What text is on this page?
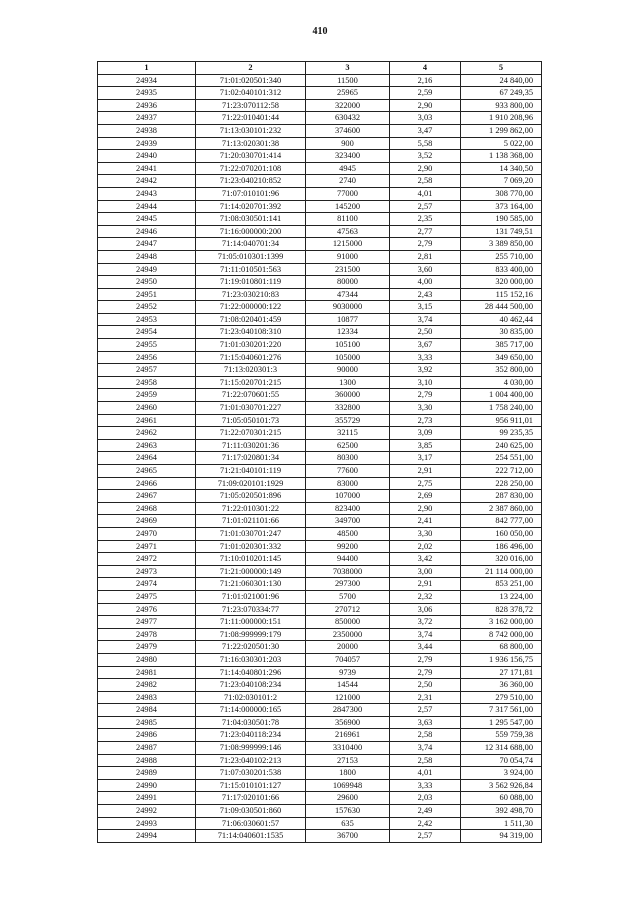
410
1	2	3	4	5
24934	71:01:020501:340	11500	2,16	24 840,00
24935	71:02:040101:312	25965	2,59	67 249,35
24936	71:23:070112:58	322000	2,90	933 800,00
24937	71:22:010401:44	630432	3,03	1 910 208,96
24938	71:13:030101:232	374600	3,47	1 299 862,00
24939	71:13:020301:38	900	5,58	5 022,00
24940	71:20:030701:414	323400	3,52	1 138 368,00
24941	71:22:070201:108	4945	2,90	14 340,50
24942	71:23:040210:852	2740	2,58	7 069,20
24943	71:07:010101:96	77000	4,01	308 770,00
24944	71:14:020701:392	145200	2,57	373 164,00
24945	71:08:030501:141	81100	2,35	190 585,00
24946	71:16:000000:200	47563	2,77	131 749,51
24947	71:14:040701:34	1215000	2,79	3 389 850,00
24948	71:05:010301:1399	91000	2,81	255 710,00
24949	71:11:010501:563	231500	3,60	833 400,00
24950	71:19:010801:119	80000	4,00	320 000,00
24951	71:23:030210:83	47344	2,43	115 152,16
24952	71:22:000000:122	9030000	3,15	28 444 500,00
24953	71:08:020401:459	10877	3,74	40 462,44
24954	71:23:040108:310	12334	2,50	30 835,00
24955	71:01:030201:220	105100	3,67	385 717,00
24956	71:15:040601:276	105000	3,33	349 650,00
24957	71:13:020301:3	90000	3,92	352 800,00
24958	71:15:020701:215	1300	3,10	4 030,00
24959	71:22:070601:55	360000	2,79	1 004 400,00
24960	71:01:030701:227	332800	3,30	1 758 240,00
24961	71:05:050101:73	355729	2,73	956 911,01
24962	71:22:070301:215	32115	3,09	99 235,35
24963	71:11:030201:36	62500	3,85	240 625,00
24964	71:17:020801:34	80300	3,17	254 551,00
24965	71:21:040101:119	77600	2,91	222 712,00
24966	71:09:020101:1929	83000	2,75	228 250,00
24967	71:05:020501:896	107000	2,69	287 830,00
24968	71:22:010301:22	823400	2,90	2 387 860,00
24969	71:01:021101:66	349700	2,41	842 777,00
24970	71:01:030701:247	48500	3,30	160 050,00
24971	71:01:020301:332	99200	2,02	186 496,00
24972	71:10:010201:145	94400	3,42	320 016,00
24973	71:21:000000:149	7038000	3,00	21 114 000,00
24974	71:21:060301:130	297300	2,91	853 251,00
24975	71:01:021001:96	5700	2,32	13 224,00
24976	71:23:070334:77	270712	3,06	828 378,72
24977	71:11:000000:151	850000	3,72	3 162 000,00
24978	71:08:999999:179	2350000	3,74	8 742 000,00
24979	71:22:020501:30	20000	3,44	68 800,00
24980	71:16:030301:203	704057	2,79	1 936 156,75
24981	71:14:040801:296	9739	2,79	27 171,81
24982	71:23:040108:234	14544	2,50	36 360,00
24983	71:02:030101:2	121000	2,31	279 510,00
24984	71:14:000000:165	2847300	2,57	7 317 561,00
24985	71:04:030501:78	356900	3,63	1 295 547,00
24986	71:23:040118:234	216961	2,58	559 759,38
24987	71:08:999999:146	3310400	3,74	12 314 688,00
24988	71:23:040102:213	27153	2,58	70 054,74
24989	71:07:030201:538	1800	4,01	3 924,00
24990	71:15:010101:127	1069948	3,33	3 562 926,84
24991	71:17:020101:66	29600	2,03	60 088,00
24992	71:09:030501:860	157630	2,49	392 498,70
24993	71:06:030601:57	635	2,42	1 511,30
24994	71:14:040601:1535	36700	2,57	94 319,00
